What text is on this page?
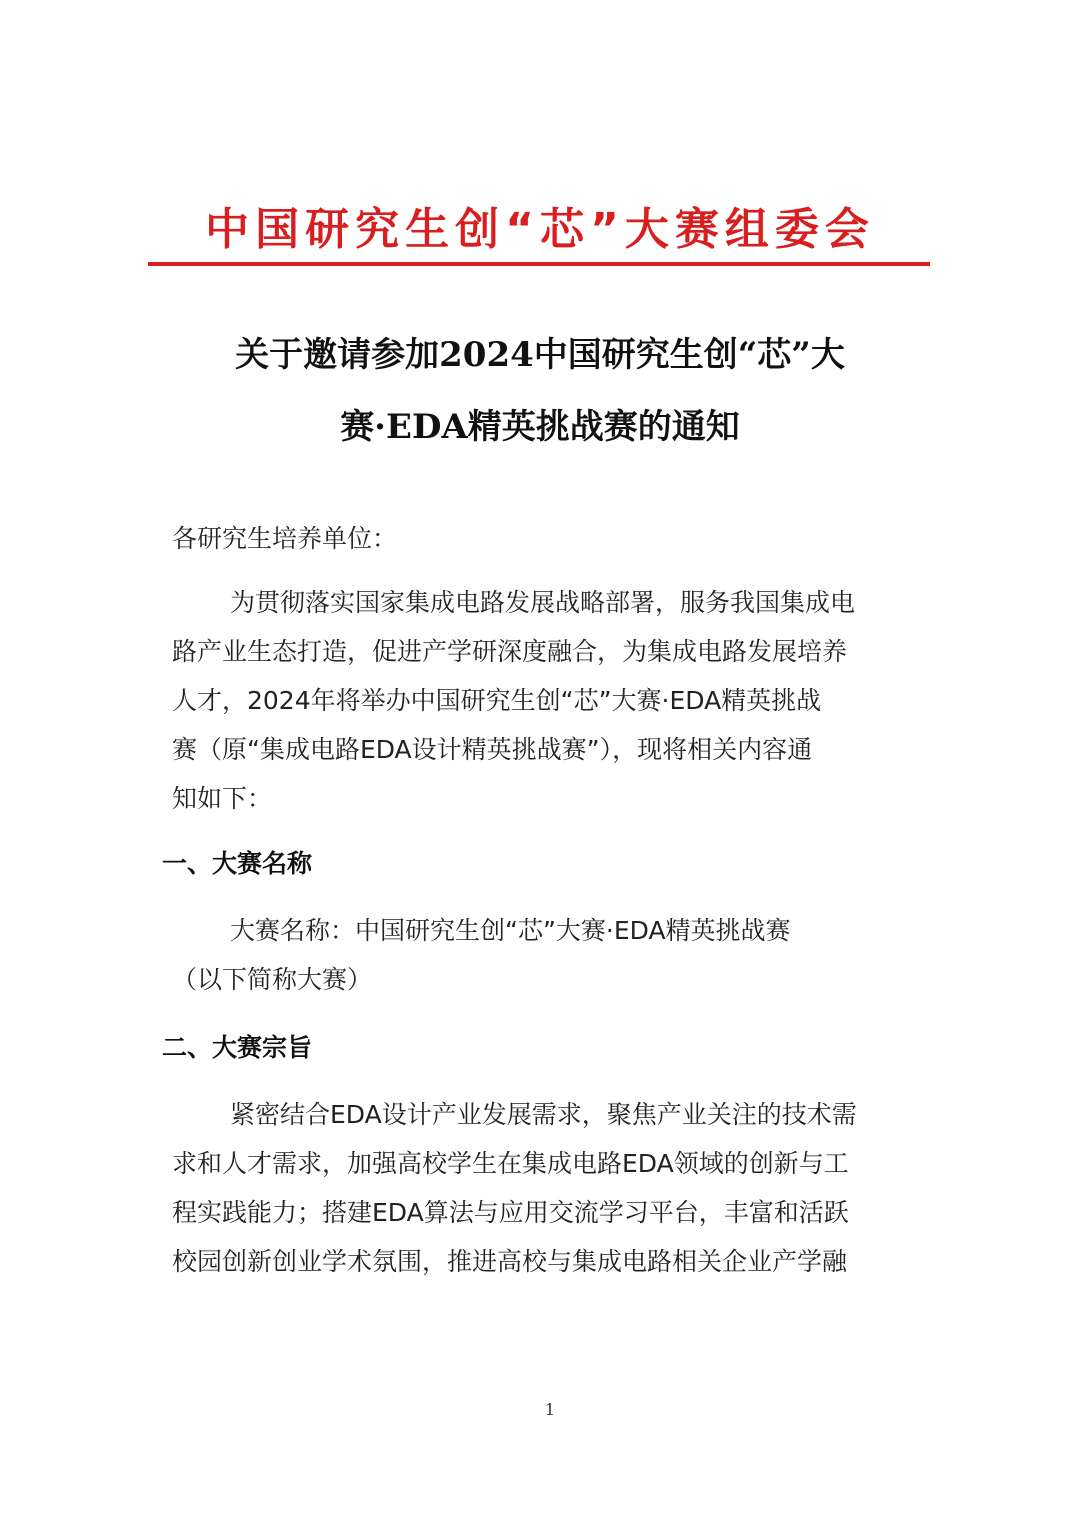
中国研究生创“芯”大赛组委会
关于邀请参加2024中国研究生创“芯”大
赛·EDA精英挑战赛的通知
各研究生培养单位：
为贯彻落实国家集成电路发展战略部署，服务我国集成电
路产业生态打造，促进产学研深度融合，为集成电路发展培养
人才，2024年将举办中国研究生创“芯”大赛·EDA精英挑战
赛（原“集成电路EDA设计精英挑战赛”），现将相关内容通
知如下：
一、大赛名称
大赛名称：中国研究生创“芯”大赛·EDA精英挑战赛
（以下简称大赛）
二、大赛宗旨
紧密结合EDA设计产业发展需求，聚焦产业关注的技术需
求和人才需求，加强高校学生在集成电路EDA领域的创新与工
程实践能力；搭建EDA算法与应用交流学习平台，丰富和活跃
校园创新创业学术氛围，推进高校与集成电路相关企业产学融
1
